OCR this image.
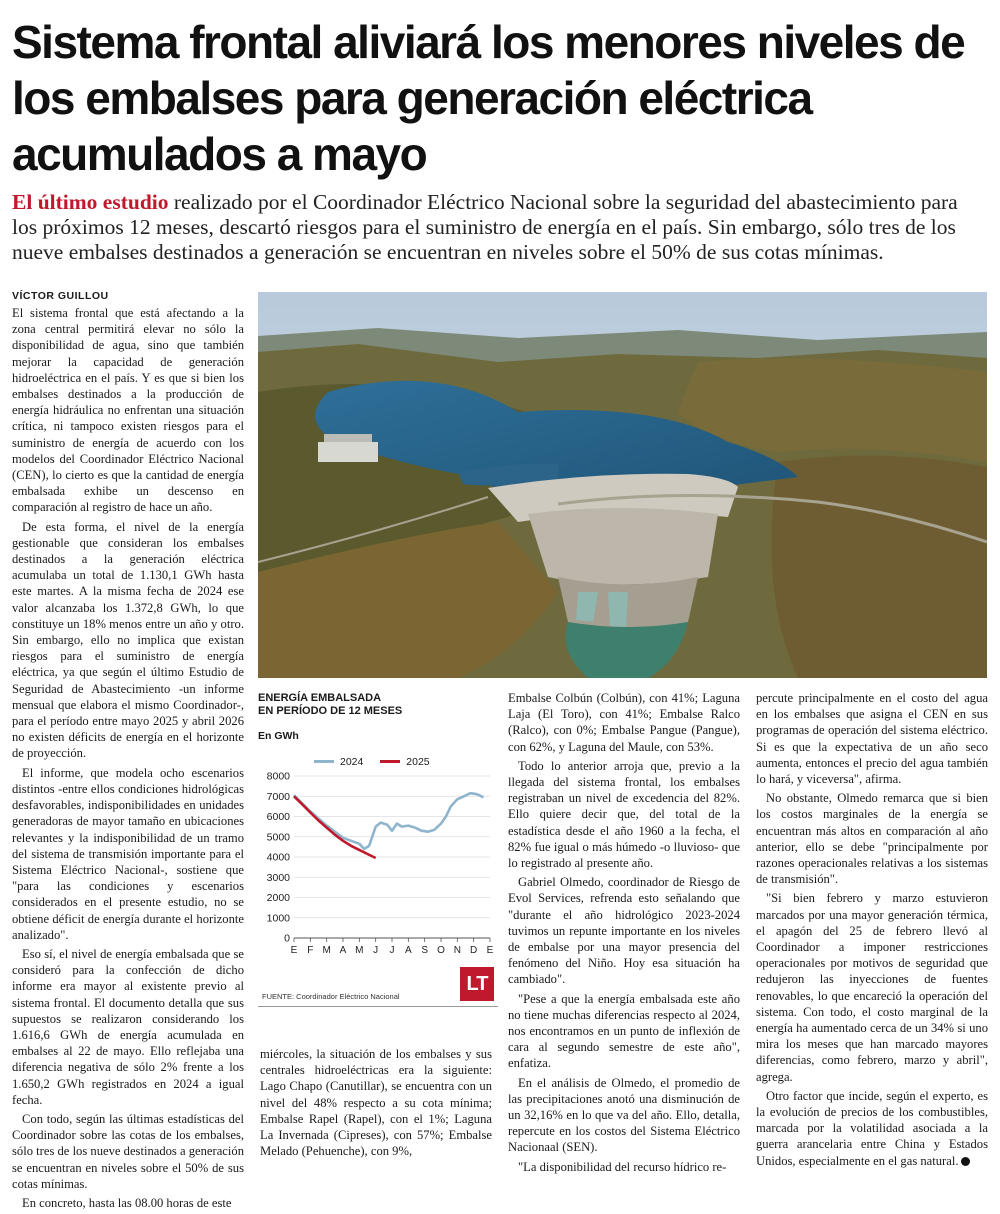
Sistema frontal aliviará los menores niveles de los embalses para generación eléctrica acumulados a mayo

El último estudio realizado por el Coordinador Eléctrico Nacional sobre la seguridad del abastecimiento para los próximos 12 meses, descartó riesgos para el suministro de energía en el país. Sin embargo, sólo tres de los nueve embalses destinados a generación se encuentran en niveles sobre el 50% de sus cotas mínimas.

VÍCTOR GUILLOU

El sistema frontal que está afectando a la zona central permitirá elevar no sólo la disponibilidad de agua, sino que también mejorar la capacidad de generación hidroeléctrica en el país. Y es que si bien los embalses destinados a la producción de energía hidráulica no enfrentan una situación crítica, ni tampoco existen riesgos para el suministro de energía de acuerdo con los modelos del Coordinador Eléctrico Nacional (CEN), lo cierto es que la cantidad de energía embalsada exhibe un descenso en comparación al registro de hace un año.

De esta forma, el nivel de la energía gestionable que consideran los embalses destinados a la generación eléctrica acumulaba un total de 1.130,1 GWh hasta este martes. A la misma fecha de 2024 ese valor alcanzaba los 1.372,8 GWh, lo que constituye un 18% menos entre un año y otro. Sin embargo, ello no implica que existan riesgos para el suministro de energía eléctrica, ya que según el último Estudio de Seguridad de Abastecimiento -un informe mensual que elabora el mismo Coordinador-, para el período entre mayo 2025 y abril 2026 no existen déficits de energía en el horizonte de proyección.

El informe, que modela ocho escenarios distintos -entre ellos condiciones hidrológicas desfavorables, indisponibilidades en unidades generadoras de mayor tamaño en ubicaciones relevantes y la indisponibilidad de un tramo del sistema de transmisión importante para el Sistema Eléctrico Nacional-, sostiene que "para las condiciones y escenarios considerados en el presente estudio, no se obtiene déficit de energía durante el horizonte analizado".

Eso sí, el nivel de energía embalsada que se consideró para la confección de dicho informe era mayor al existente previo al sistema frontal. El documento detalla que sus supuestos se realizaron considerando los 1.616,6 GWh de energía acumulada en embalses al 22 de mayo. Ello reflejaba una diferencia negativa de sólo 2% frente a los 1.650,2 GWh registrados en 2024 a igual fecha.

Con todo, según las últimas estadísticas del Coordinador sobre las cotas de los embalses, sólo tres de los nueve destinados a generación se encuentran en niveles sobre el 50% de sus cotas mínimas.

En concreto, hasta las 08.00 horas de este

ENERGÍA EMBALSADA
EN PERÍODO DE 12 MESES
En GWh
2024
	2025
0
1000
2000
3000
4000
5000
6000
7000
8000
E F M A M J J A S O N D E
LT
FUENTE: Coordinador Eléctrico Nacional

miércoles, la situación de los embalses y sus centrales hidroeléctricas era la siguiente: Lago Chapo (Canutillar), se encuentra con un nivel del 48% respecto a su cota mínima; Embalse Rapel (Rapel), con el 1%; Laguna La Invernada (Cipreses), con 57%; Embalse Melado (Pehuenche), con 9%,

Embalse Colbún (Colbún), con 41%; Laguna Laja (El Toro), con 41%; Embalse Ralco (Ralco), con 0%; Embalse Pangue (Pangue), con 62%, y Laguna del Maule, con 53%.

Todo lo anterior arroja que, previo a la llegada del sistema frontal, los embalses registraban un nivel de excedencia del 82%. Ello quiere decir que, del total de la estadística desde el año 1960 a la fecha, el 82% fue igual o más húmedo -o lluvioso- que lo registrado al presente año.

Gabriel Olmedo, coordinador de Riesgo de Evol Services, refrenda esto señalando que "durante el año hidrológico 2023-2024 tuvimos un repunte importante en los niveles de embalse por una mayor presencia del fenómeno del Niño. Hoy esa situación ha cambiado".

"Pese a que la energía embalsada este año no tiene muchas diferencias respecto al 2024, nos encontramos en un punto de inflexión de cara al segundo semestre de este año", enfatiza.

En el análisis de Olmedo, el promedio de las precipitaciones anotó una disminución de un 32,16% en lo que va del año. Ello, detalla, repercute en los costos del Sistema Eléctrico Nacionaal (SEN).

"La disponibilidad del recurso hídrico re-

percute principalmente en el costo del agua en los embalses que asigna el CEN en sus programas de operación del sistema eléctrico. Si es que la expectativa de un año seco aumenta, entonces el precio del agua también lo hará, y viceversa", afirma.

No obstante, Olmedo remarca que si bien los costos marginales de la energía se encuentran más altos en comparación al año anterior, ello se debe "principalmente por razones operacionales relativas a los sistemas de transmisión".

"Si bien febrero y marzo estuvieron marcados por una mayor generación térmica, el apagón del 25 de febrero llevó al Coordinador a imponer restricciones operacionales por motivos de seguridad que redujeron las inyecciones de fuentes renovables, lo que encareció la operación del sistema. Con todo, el costo marginal de la energía ha aumentado cerca de un 34% si uno mira los meses que han marcado mayores diferencias, como febrero, marzo y abril", agrega.

Otro factor que incide, según el experto, es la evolución de precios de los combustibles, marcada por la volatilidad asociada a la guerra arancelaria entre China y Estados Unidos, especialmente en el gas natural.
